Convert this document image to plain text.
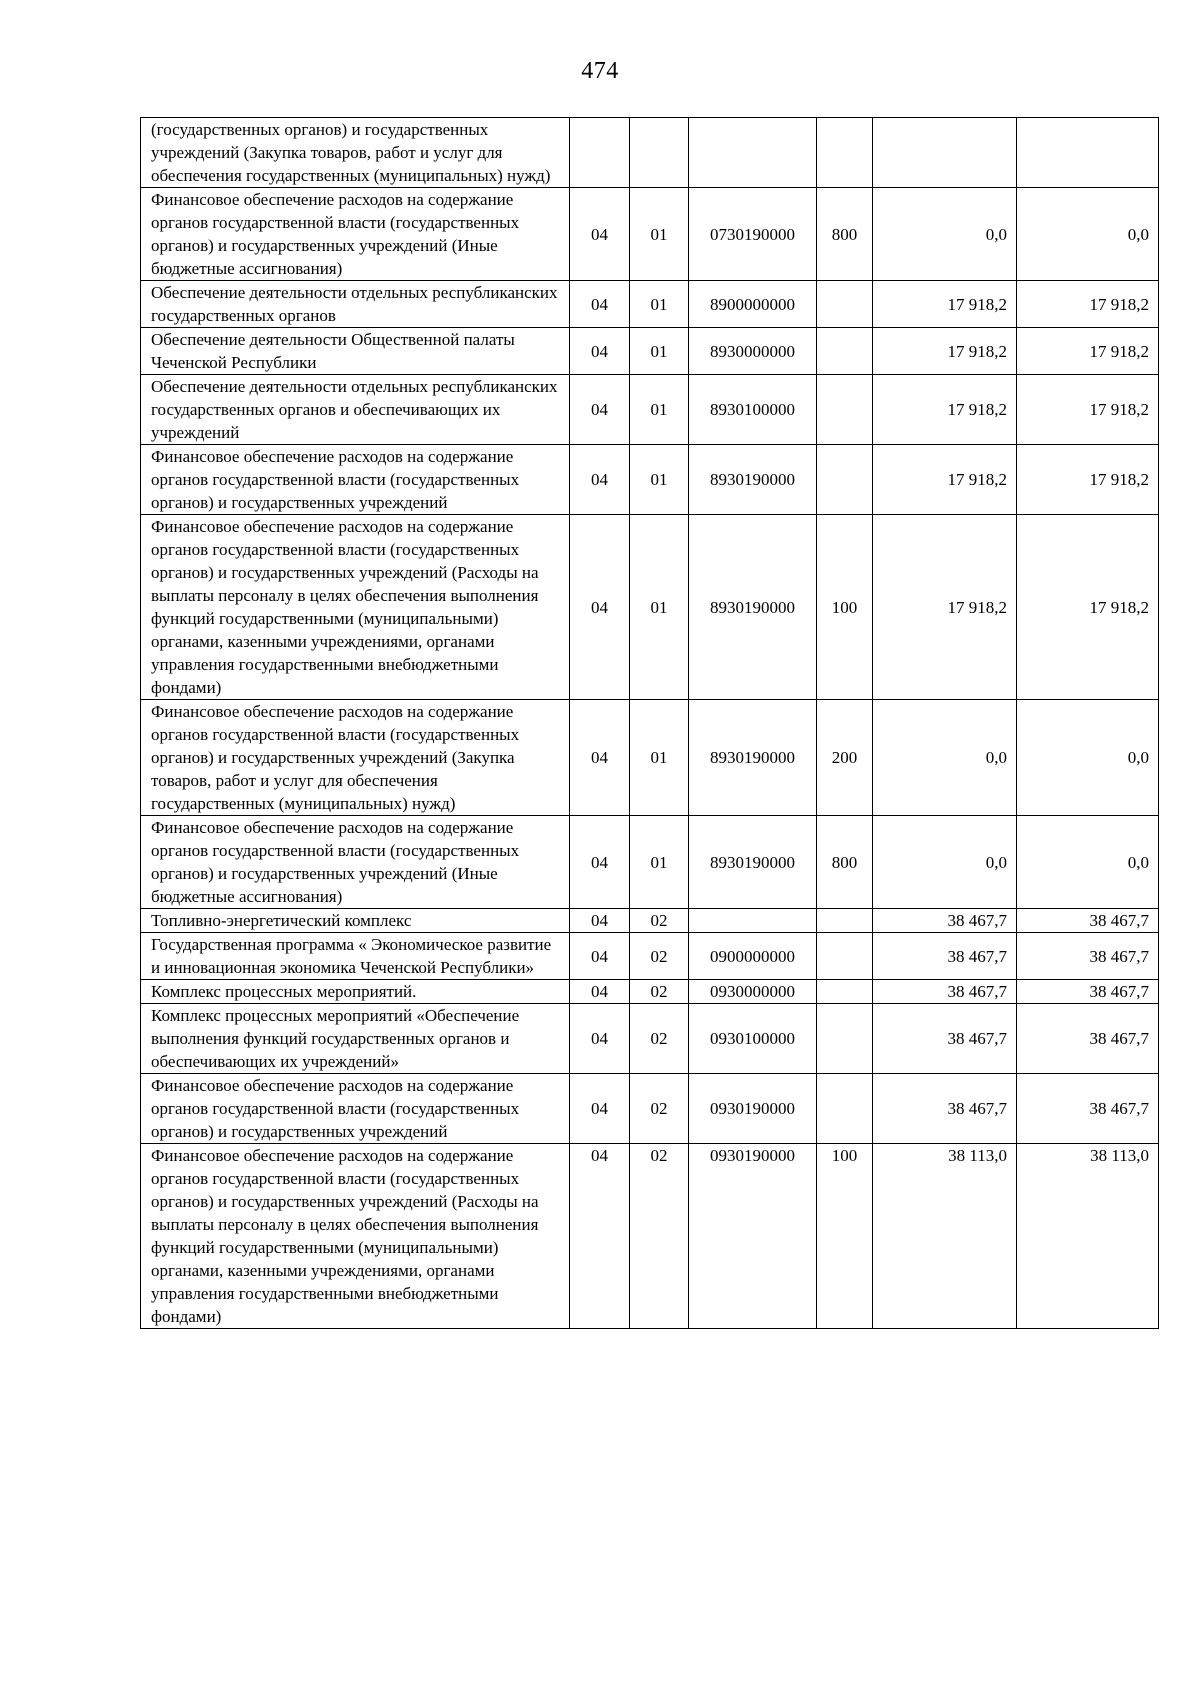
474
(государственных органов) и государственных учреждений (Закупка товаров, работ и услуг для обеспечения государственных (муниципальных) нужд)						
Финансовое обеспечение расходов на содержание органов государственной власти (государственных органов) и государственных учреждений (Иные бюджетные ассигнования)	04	01	0730190000	800	0,0	0,0
Обеспечение деятельности отдельных республиканских государственных органов	04	01	8900000000		17 918,2	17 918,2
Обеспечение деятельности Общественной палаты Чеченской Республики	04	01	8930000000		17 918,2	17 918,2
Обеспечение деятельности отдельных республиканских государственных органов и обеспечивающих их учреждений	04	01	8930100000		17 918,2	17 918,2
Финансовое обеспечение расходов на содержание органов государственной власти (государственных органов) и государственных учреждений	04	01	8930190000		17 918,2	17 918,2
Финансовое обеспечение расходов на содержание органов государственной власти (государственных органов) и государственных учреждений (Расходы на выплаты персоналу в целях обеспечения выполнения функций государственными (муниципальными) органами, казенными учреждениями, органами управления государственными внебюджетными фондами)	04	01	8930190000	100	17 918,2	17 918,2
Финансовое обеспечение расходов на содержание органов государственной власти (государственных органов) и государственных учреждений (Закупка товаров, работ и услуг для обеспечения государственных (муниципальных) нужд)	04	01	8930190000	200	0,0	0,0
Финансовое обеспечение расходов на содержание органов государственной власти (государственных органов) и государственных учреждений (Иные бюджетные ассигнования)	04	01	8930190000	800	0,0	0,0
Топливно-энергетический комплекс	04	02			38 467,7	38 467,7
Государственная программа « Экономическое развитие и инновационная экономика Чеченской Республики»	04	02	0900000000		38 467,7	38 467,7
Комплекс процессных мероприятий.	04	02	0930000000		38 467,7	38 467,7
Комплекс процессных мероприятий «Обеспечение выполнения функций государственных органов и обеспечивающих их учреждений»	04	02	0930100000		38 467,7	38 467,7
Финансовое обеспечение расходов на содержание органов государственной власти (государственных органов) и государственных учреждений	04	02	0930190000		38 467,7	38 467,7
Финансовое обеспечение расходов на содержание органов государственной власти (государственных органов) и государственных учреждений (Расходы на выплаты персоналу в целях обеспечения выполнения функций государственными (муниципальными) органами, казенными учреждениями, органами управления государственными внебюджетными фондами)	04	02	0930190000	100	38 113,0	38 113,0
